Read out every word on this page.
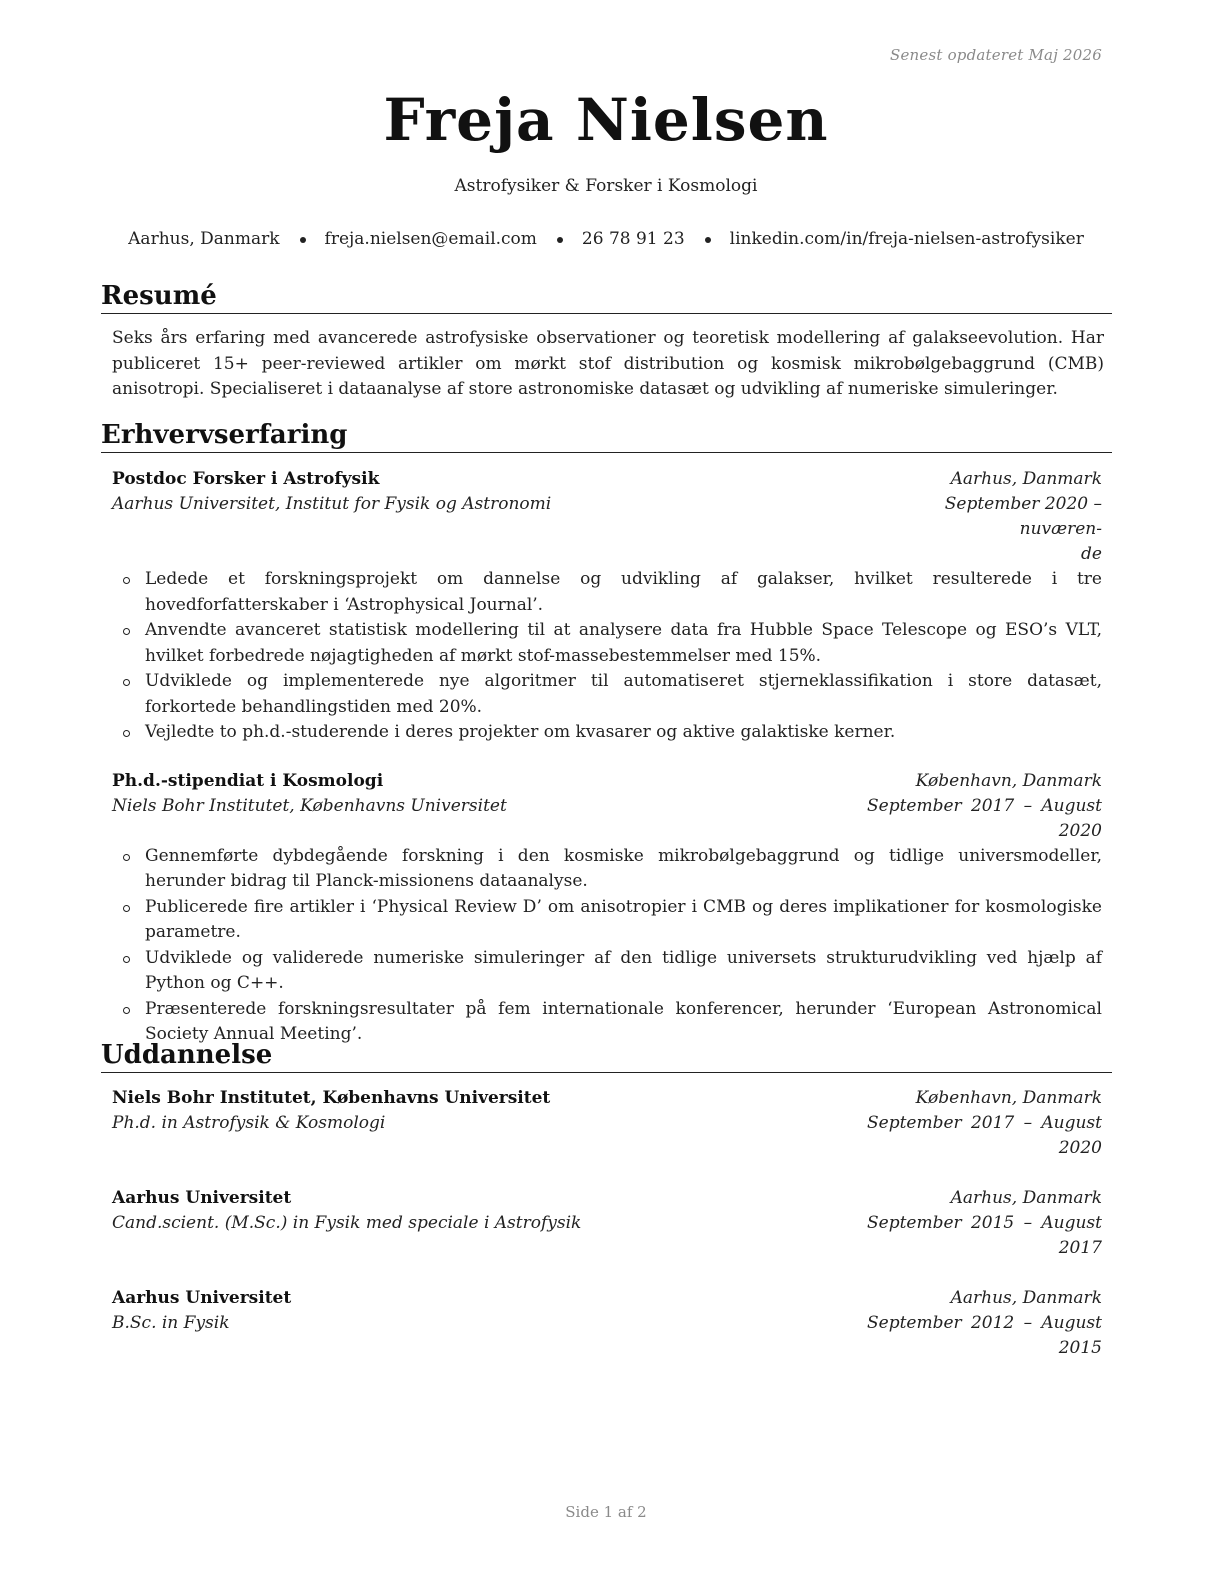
Senest opdateret Maj 2026
Freja Nielsen
Astrofysiker & Forsker i Kosmologi
Aarhus, Danmark	freja.nielsen@email.com	26 78 91 23	linkedin.com/in/freja-nielsen-astrofysiker
Resumé
Seks års erfaring med avancerede astrofysiske observationer og teoretisk modellering af galakseevolution. Har publiceret 15+ peer-reviewed artikler om mørkt stof distribution og kosmisk mikrobølgebaggrund (CMB) anisotropi. Specialiseret i dataanalyse af store astronomiske datasæt og udvikling af numeriske simuleringer.
Erhvervserfaring
Postdoc Forsker i Astrofysik	Aarhus, Danmark
Aarhus Universitet, Institut for Fysik og Astronomi	September 2020 – nuværen-
de
Ledede et forskningsprojekt om dannelse og udvikling af galakser, hvilket resulterede i tre hovedforfatterskaber i ‘Astrophysical Journal’.
Anvendte avanceret statistisk modellering til at analysere data fra Hubble Space Telescope og ESO’s VLT, hvilket forbedrede nøjagtigheden af mørkt stof-massebestemmelser med 15%.
Udviklede og implementerede nye algoritmer til automatiseret stjerneklassifikation i store datasæt, forkortede behandlingstiden med 20%.
Vejledte to ph.d.-studerende i deres projekter om kvasarer og aktive galaktiske kerner.
Ph.d.-stipendiat i Kosmologi	København, Danmark
Niels Bohr Institutet, Københavns Universitet	September 2017 – August
2020
Gennemførte dybdegående forskning i den kosmiske mikrobølgebaggrund og tidlige universmodeller, herunder bidrag til Planck-missionens dataanalyse.
Publicerede fire artikler i ‘Physical Review D’ om anisotropier i CMB og deres implikationer for kosmologiske parametre.
Udviklede og validerede numeriske simuleringer af den tidlige universets strukturudvikling ved hjælp af Python og C++.
Præsenterede forskningsresultater på fem internationale konferencer, herunder ‘European Astronomical Society Annual Meeting’.
Uddannelse
Niels Bohr Institutet, Københavns Universitet	København, Danmark
Ph.d. in Astrofysik & Kosmologi	September 2017 – August
2020
Aarhus Universitet	Aarhus, Danmark
Cand.scient. (M.Sc.) in Fysik med speciale i Astrofysik	September 2015 – August
2017
Aarhus Universitet	Aarhus, Danmark
B.Sc. in Fysik	September 2012 – August
2015
Side 1 af 2
